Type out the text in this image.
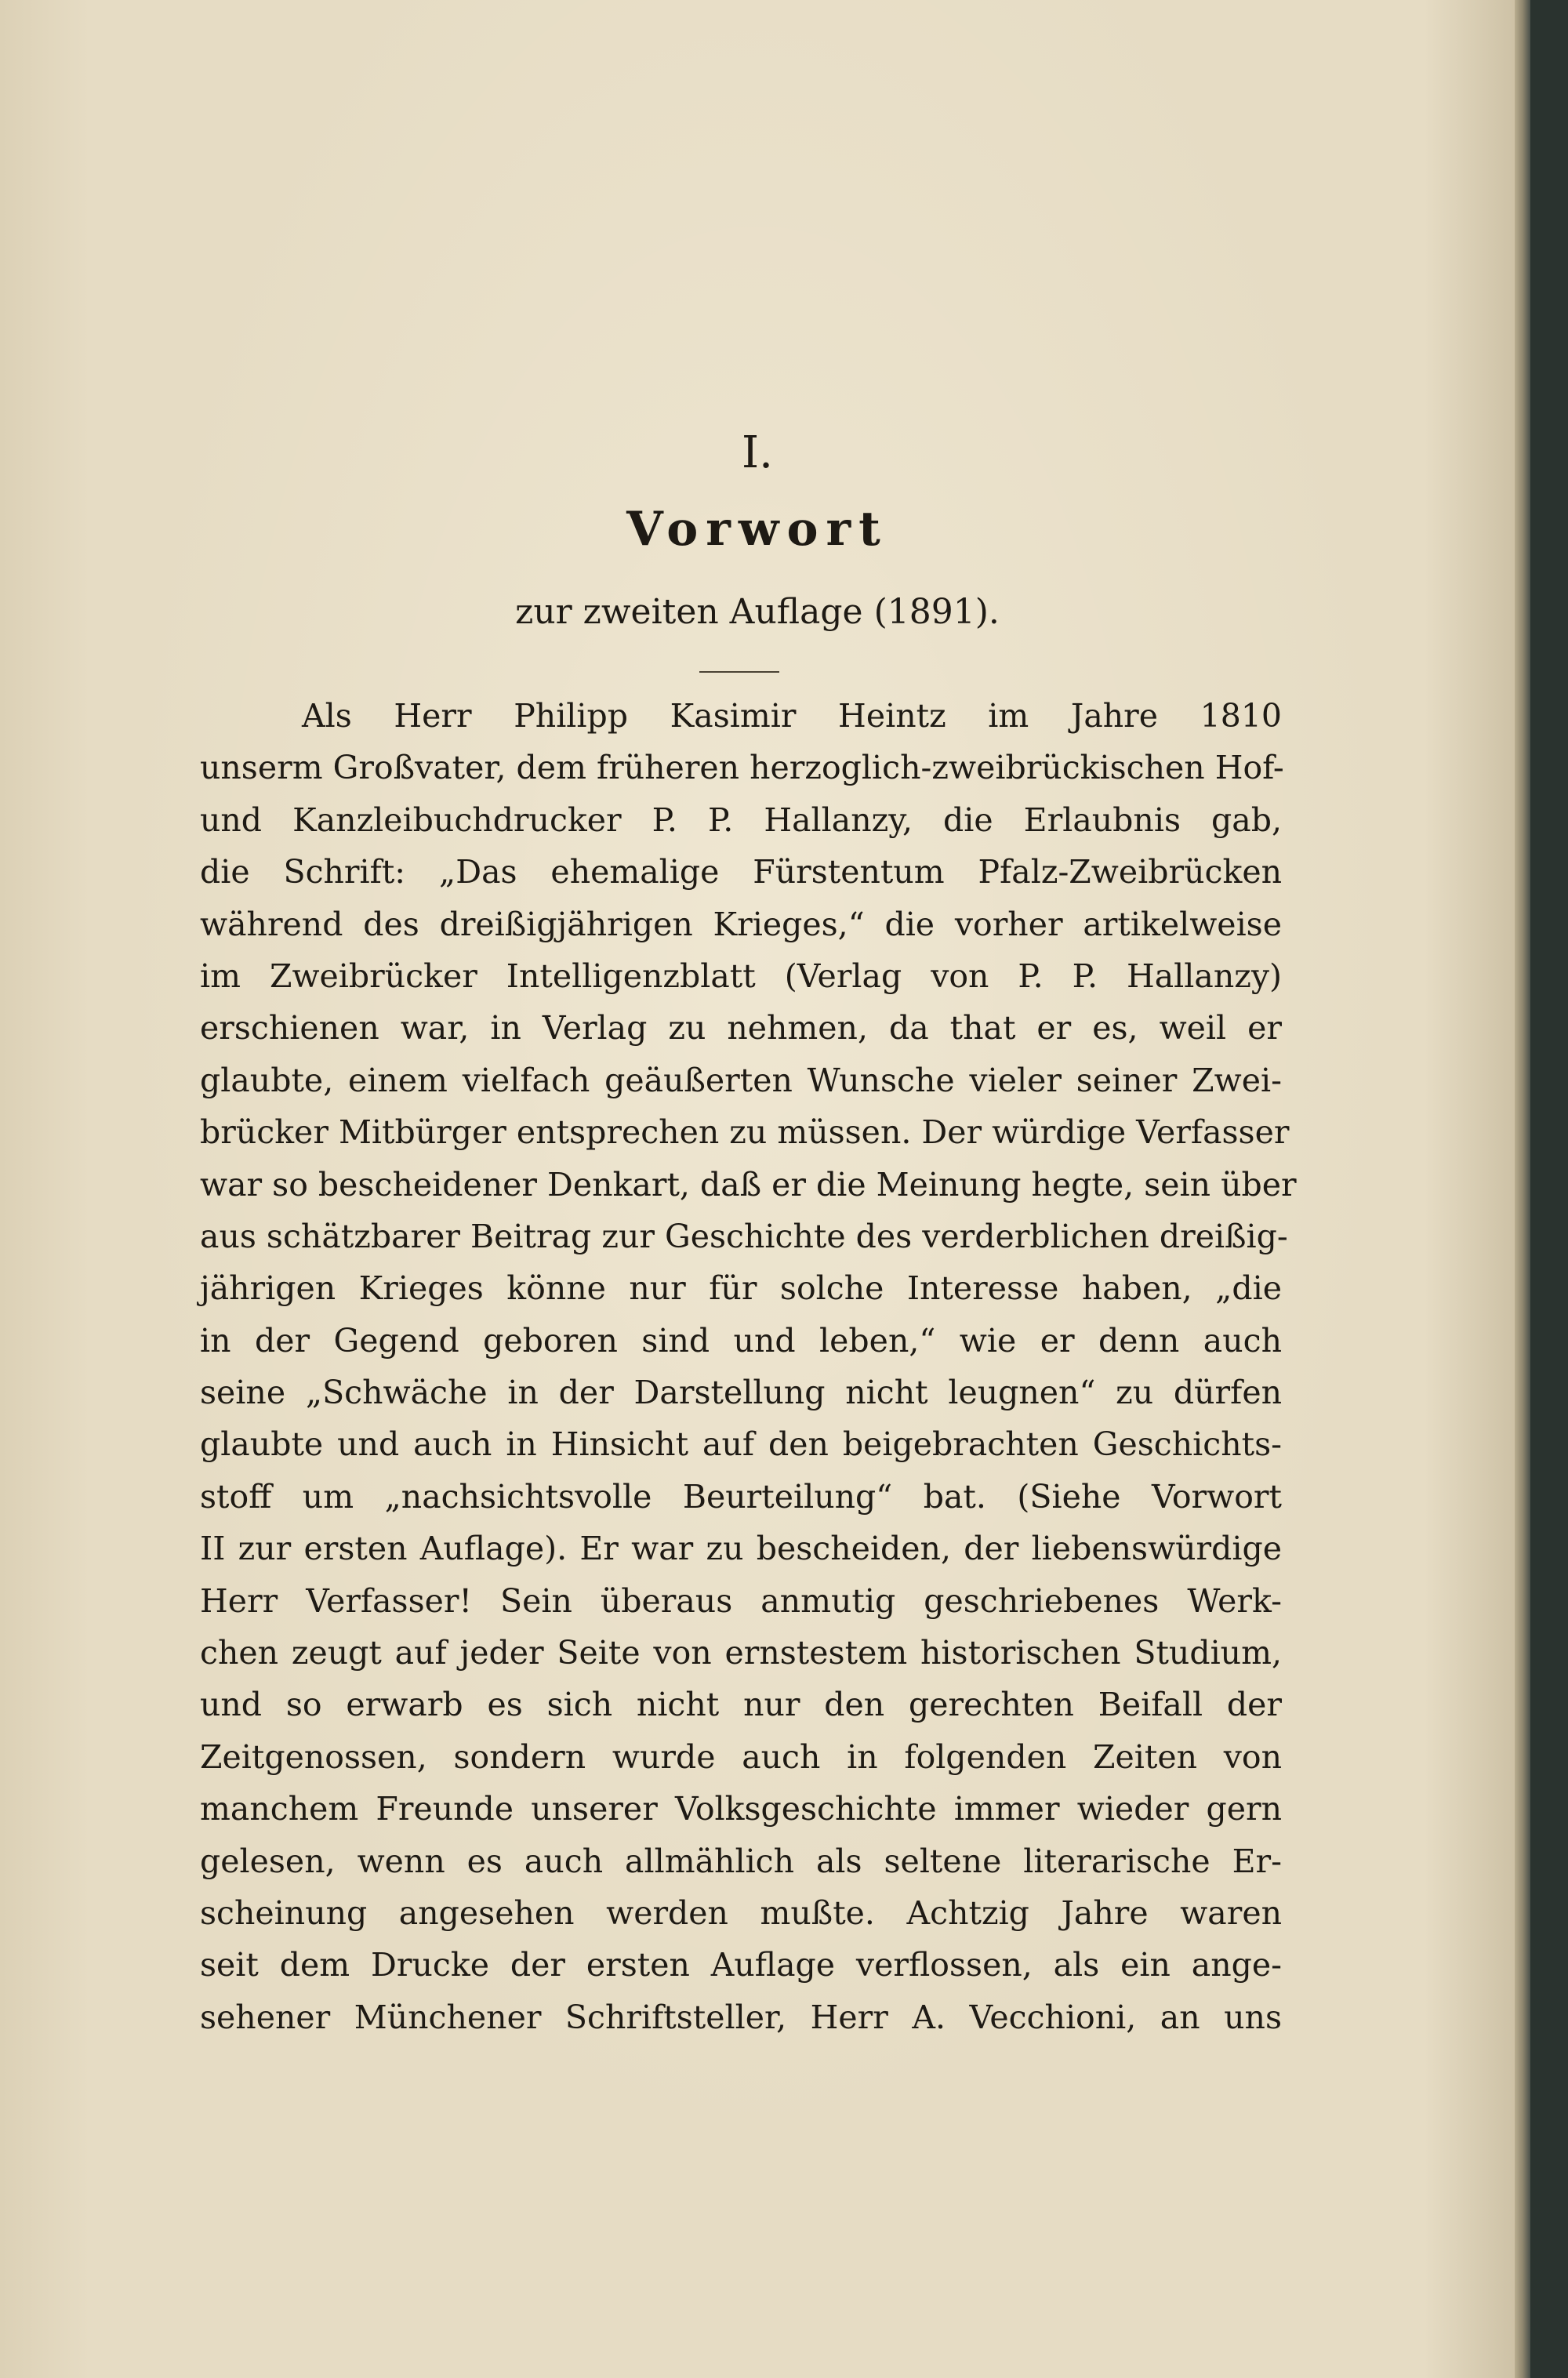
I.
Vorwort
zur zweiten Auflage (1891).
Als Herr Philipp Kasimir Heintz im Jahre 1810
unserm Großvater, dem früheren herzoglich-zweibrückischen Hof-
und Kanzleibuchdrucker P. P. Hallanzy, die Erlaubnis gab,
die Schrift: „Das ehemalige Fürstentum Pfalz-Zweibrücken
während des dreißigjährigen Krieges,“ die vorher artikelweise
im Zweibrücker Intelligenzblatt (Verlag von P. P. Hallanzy)
erschienen war, in Verlag zu nehmen, da that er es, weil er
glaubte, einem vielfach geäußerten Wunsche vieler seiner Zwei-
brücker Mitbürger entsprechen zu müssen. Der würdige Verfasser
war so bescheidener Denkart, daß er die Meinung hegte, sein über
aus schätzbarer Beitrag zur Geschichte des verderblichen dreißig-
jährigen Krieges könne nur für solche Interesse haben, „die
in der Gegend geboren sind und leben,“ wie er denn auch
seine „Schwäche in der Darstellung nicht leugnen“ zu dürfen
glaubte und auch in Hinsicht auf den beigebrachten Geschichts-
stoff um „nachsichtsvolle Beurteilung“ bat. (Siehe Vorwort
II zur ersten Auflage). Er war zu bescheiden, der liebenswürdige
Herr Verfasser! Sein überaus anmutig geschriebenes Werk-
chen zeugt auf jeder Seite von ernstestem historischen Studium,
und so erwarb es sich nicht nur den gerechten Beifall der
Zeitgenossen, sondern wurde auch in folgenden Zeiten von
manchem Freunde unserer Volksgeschichte immer wieder gern
gelesen, wenn es auch allmählich als seltene literarische Er-
scheinung angesehen werden mußte. Achtzig Jahre waren
seit dem Drucke der ersten Auflage verflossen, als ein ange-
sehener Münchener Schriftsteller, Herr A. Vecchioni, an uns
